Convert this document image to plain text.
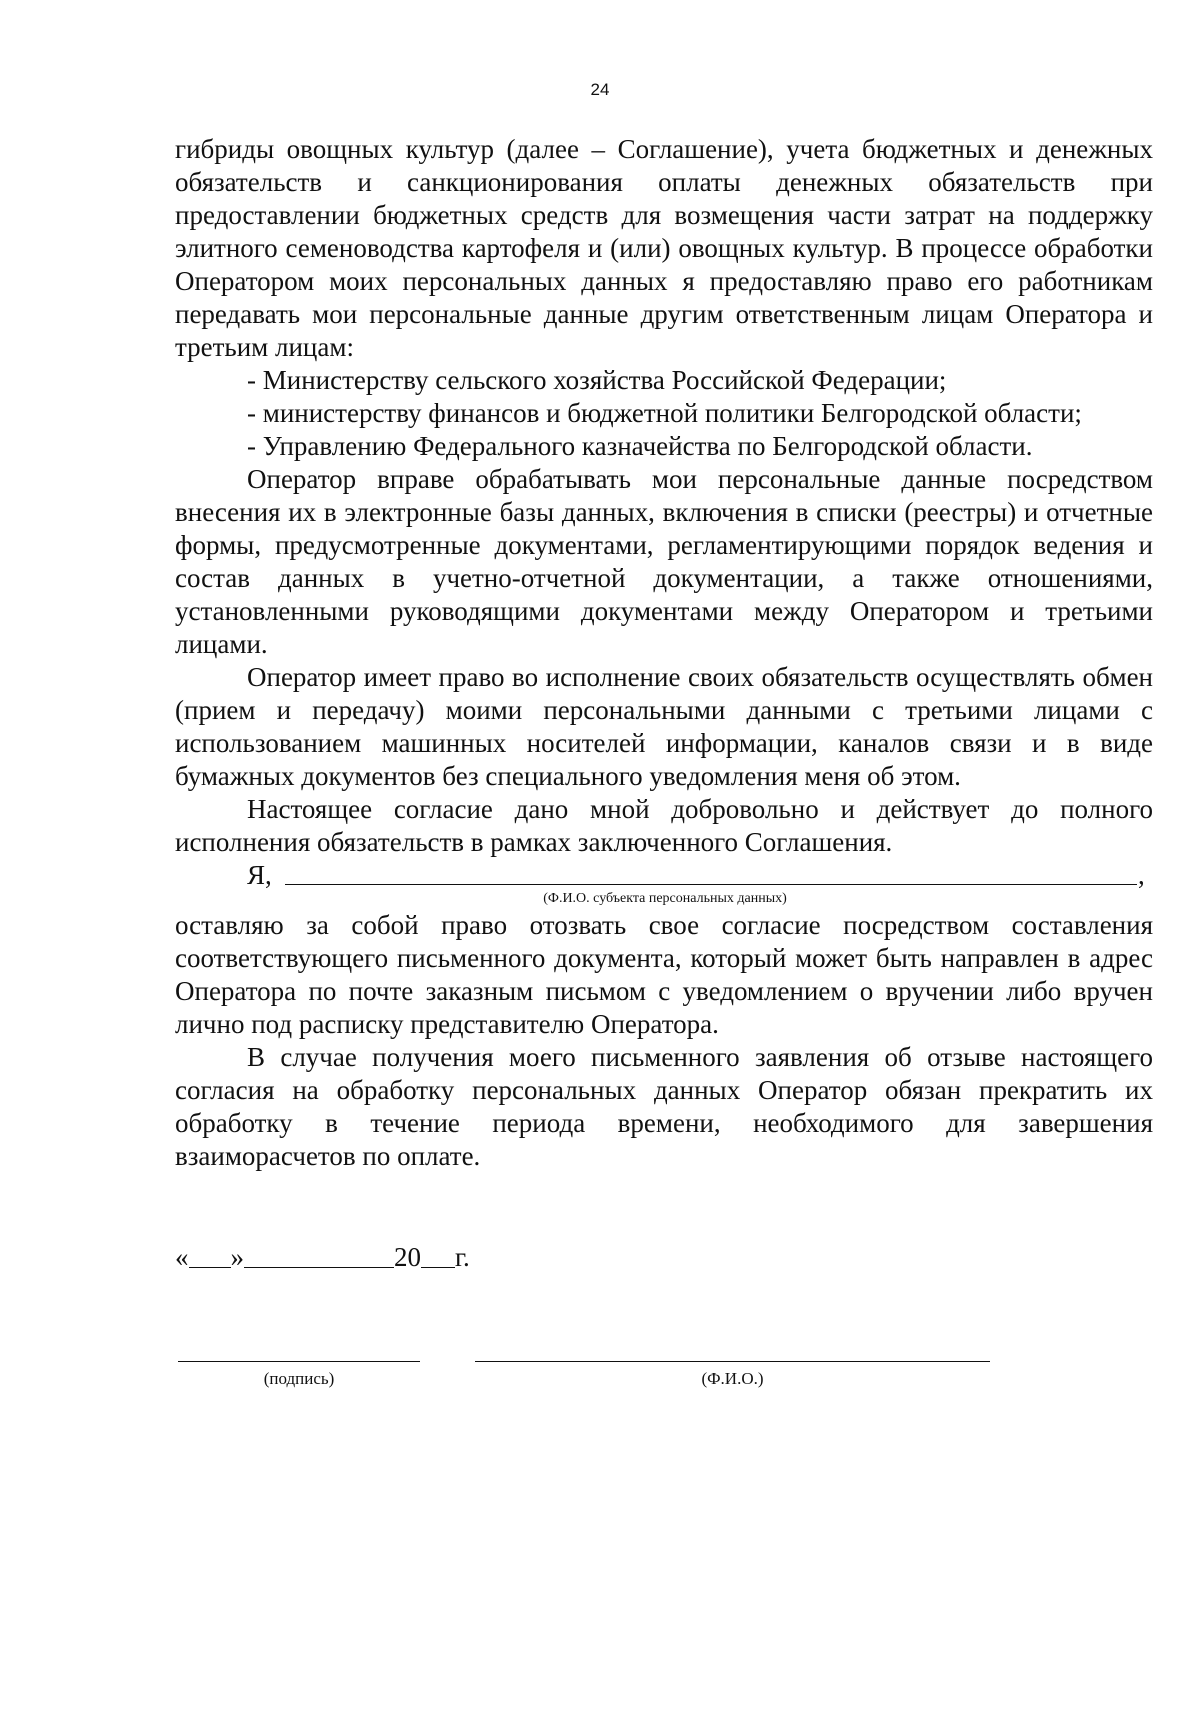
24

гибриды овощных культур (далее – Соглашение), учета бюджетных и денежных обязательств и санкционирования оплаты денежных обязательств при предоставлении бюджетных средств для возмещения части затрат на поддержку элитного семеноводства картофеля и (или) овощных культур. В процессе обработки Оператором моих персональных данных я предоставляю право его работникам передавать мои персональные данные другим ответственным лицам Оператора и третьим лицам:

- Министерству сельского хозяйства Российской Федерации;

- министерству финансов и бюджетной политики Белгородской области;

- Управлению Федерального казначейства по Белгородской области.

Оператор вправе обрабатывать мои персональные данные посредством внесения их в электронные базы данных, включения в списки (реестры) и отчетные формы, предусмотренные документами, регламентирующими порядок ведения и состав данных в учетно-отчетной документации, а также отношениями, установленными руководящими документами между Оператором и третьими лицами.

Оператор имеет право во исполнение своих обязательств осуществлять обмен (прием и передачу) моими персональными данными с третьими лицами с использованием машинных носителей информации, каналов связи и в виде бумажных документов без специального уведомления меня об этом.

Настоящее согласие дано мной добровольно и действует до полного исполнения обязательств в рамках заключенного Соглашения.

Я,	,
(Ф.И.О. субъекта персональных данных)

оставляю за собой право отозвать свое согласие посредством составления соответствующего письменного документа, который может быть направлен в адрес Оператора по почте заказным письмом с уведомлением о вручении либо вручен лично под расписку представителю Оператора.

В случае получения моего письменного заявления об отзыве настоящего согласия на обработку персональных данных Оператор обязан прекратить их обработку в течение периода времени, необходимого для завершения взаиморасчетов по оплате.

« »	20 г.
(подпись)	(Ф.И.О.)
